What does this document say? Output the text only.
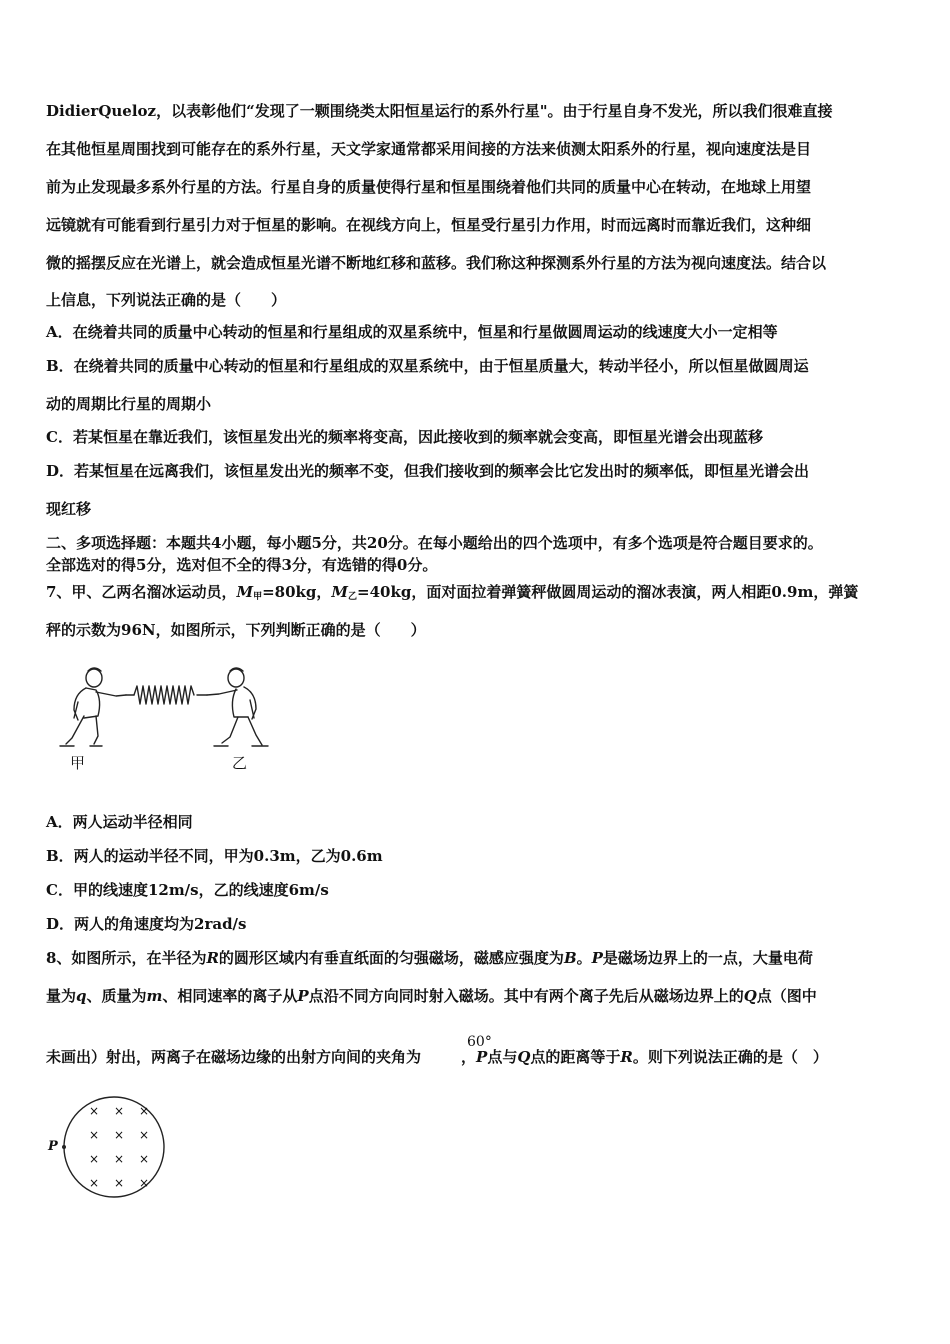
DidierQueloz，以表彰他们“发现了一颗围绕类太阳恒星运行的系外行星"。由于行星自身不发光，所以我们很难直接
在其他恒星周围找到可能存在的系外行星，天文学家通常都采用间接的方法来侦测太阳系外的行星，视向速度法是目
前为止发现最多系外行星的方法。行星自身的质量使得行星和恒星围绕着他们共同的质量中心在转动，在地球上用望
远镜就有可能看到行星引力对于恒星的影响。在视线方向上，恒星受行星引力作用，时而远离时而靠近我们，这种细
微的摇摆反应在光谱上，就会造成恒星光谱不断地红移和蓝移。我们称这种探测系外行星的方法为视向速度法。结合以
上信息，下列说法正确的是（　　）
A．在绕着共同的质量中心转动的恒星和行星组成的双星系统中，恒星和行星做圆周运动的线速度大小一定相等
B．在绕着共同的质量中心转动的恒星和行星组成的双星系统中，由于恒星质量大，转动半径小，所以恒星做圆周运
动的周期比行星的周期小
C．若某恒星在靠近我们，该恒星发出光的频率将变高，因此接收到的频率就会变高，即恒星光谱会出现蓝移
D．若某恒星在远离我们，该恒星发出光的频率不变，但我们接收到的频率会比它发出时的频率低，即恒星光谱会出
现红移
二、多项选择题：本题共4小题，每小题5分，共20分。在每小题给出的四个选项中，有多个选项是符合题目要求的。
全部选对的得5分，选对但不全的得3分，有选错的得0分。
7、甲、乙两名溜冰运动员，$M_甲=80kg$，$M_乙=40kg$，面对面拉着弹簧秤做圆周运动的溜冰表演，两人相距0.9m，弹簧
秤的示数为96N，如图所示，下列判断正确的是（　　）
甲	乙
A．两人运动半径相同
B．两人的运动半径不同，甲为0.3m，乙为0.6m
C．甲的线速度12m/s，乙的线速度6m/s
D．两人的角速度均为2rad/s
8、如图所示，在半径为R的圆形区域内有垂直纸面的匀强磁场，磁感应强度为B。P是磁场边界上的一点，大量电荷
量为q、质量为m、相同速率的离子从P点沿不同方向同时射入磁场。其中有两个离子先后从磁场边界上的Q点（图中
60°
未画出）射出，两离子在磁场边缘的出射方向间的夹角为	，P点与Q点的距离等于R。则下列说法正确的是（　）
P
× × ×
× × ×
× × ×
× × ×
